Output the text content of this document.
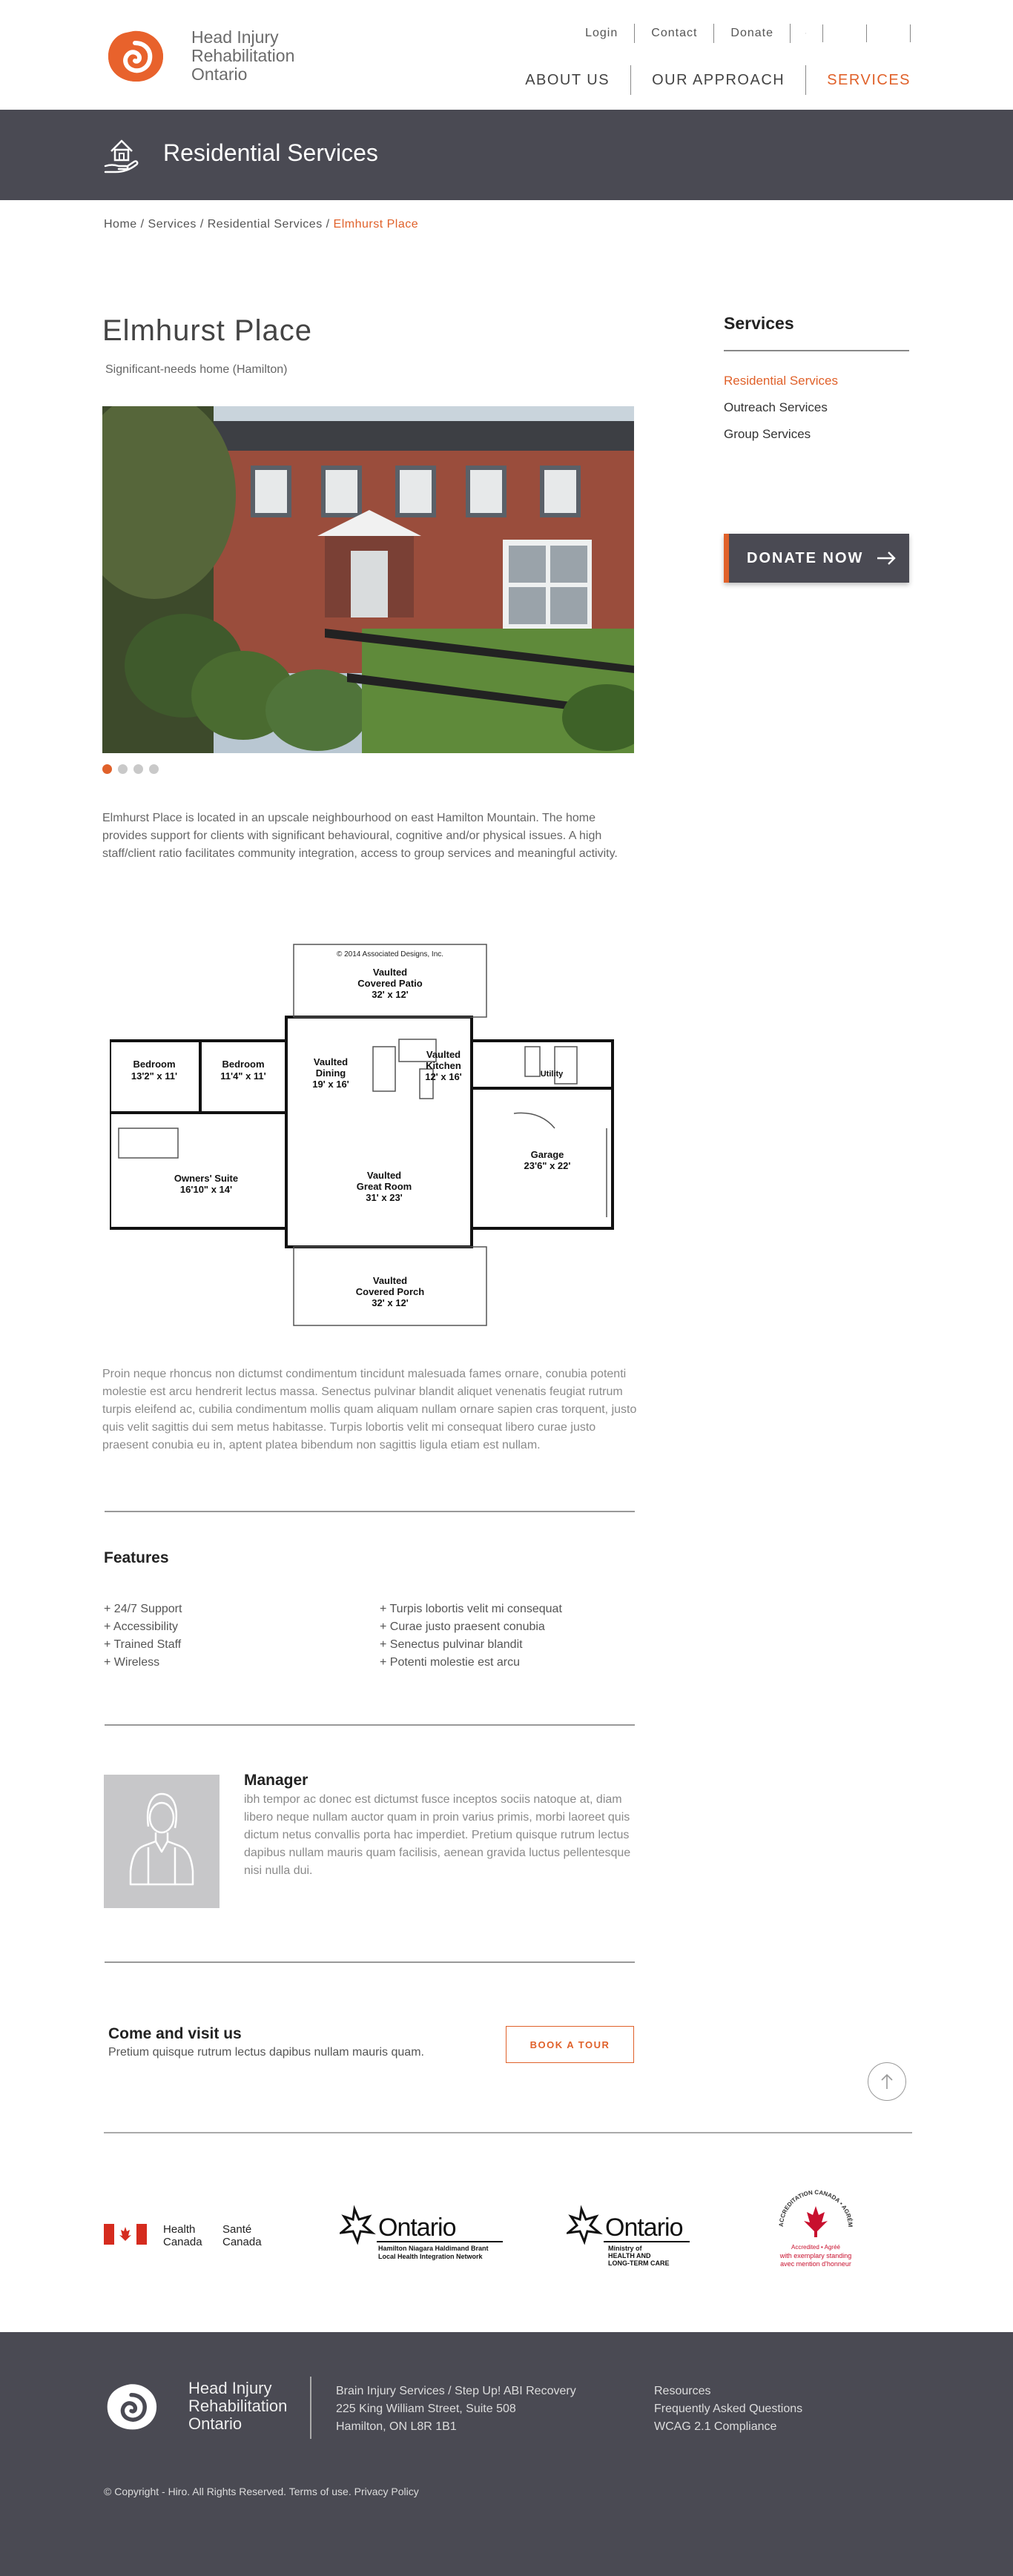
Head Injury
Rehabilitation
Ontario
Login	Contact	Donate
ABOUT US	OUR APPROACH	SERVICES
Residential Services
Home / Services / Residential Services / Elmhurst Place
Elmhurst Place

Significant-needs home (Hamilton)

Elmhurst Place is located in an upscale neighbourhood on east Hamilton Mountain. The home provides support for clients with significant behavioural, cognitive and/or physical issues. A high staff/client ratio facilitates community integration, access to group services and meaningful activity.

© 2014 Associated Designs, Inc.
Vaulted
Covered Patio
32' x 12'
Bedroom
13'2" x 11'
Bedroom
11'4" x 11'
Vaulted
Dining
19' x 16'
Vaulted
Kitchen
12' x 16'	Utility
Garage
23'6" x 22'
Owners' Suite
16'10" x 14'
Vaulted
Great Room
31' x 23'
Vaulted
Covered Porch
32' x 12'

Proin neque rhoncus non dictumst condimentum tincidunt malesuada fames ornare, conubia potenti molestie est arcu hendrerit lectus massa. Senectus pulvinar blandit aliquet venenatis feugiat rutrum turpis eleifend ac, cubilia condimentum mollis quam aliquam nullam ornare sapien cras torquent, justo quis velit sagittis dui sem metus habitasse. Turpis lobortis velit mi consequat libero curae justo praesent conubia eu in, aptent platea bibendum non sagittis ligula etiam est nullam.

Features
+ 24/7 Support
+ Accessibility
+ Trained Staff
+ Wireless
+ Turpis lobortis velit mi consequat
+ Curae justo praesent conubia
+ Senectus pulvinar blandit
+ Potenti molestie est arcu
Manager

ibh tempor ac donec est dictumst fusce inceptos sociis natoque at, diam libero neque nullam auctor quam in proin varius primis, morbi laoreet quis dictum netus convallis porta hac imperdiet. Pretium quisque rutrum lectus dapibus nullam mauris quam facilisis, aenean gravida luctus pellentesque nisi nulla dui.

Come and visit us

Pretium quisque rutrum lectus dapibus nullam mauris quam.

BOOK A TOUR
Services
Residential Services
Outreach Services
Group Services
DONATE NOW
Health
Canada
Santé
Canada
Ontario
Hamilton Niagara Haldimand Brant
Local Health Integration Network
Ontario
Ministry of
HEALTH AND
LONG-TERM CARE
ACCREDITATION CANADA • AGRÉM
Accredited • Agréé
with exemplary standing
avec mention d'honneur
Head Injury
Rehabilitation
Ontario
Brain Injury Services / Step Up! ABI Recovery
225 King William Street, Suite 508
Hamilton, ON L8R 1B1
Resources
Frequently Asked Questions
WCAG 2.1 Compliance

© Copyright - Hiro. All Rights Reserved. Terms of use. Privacy Policy
